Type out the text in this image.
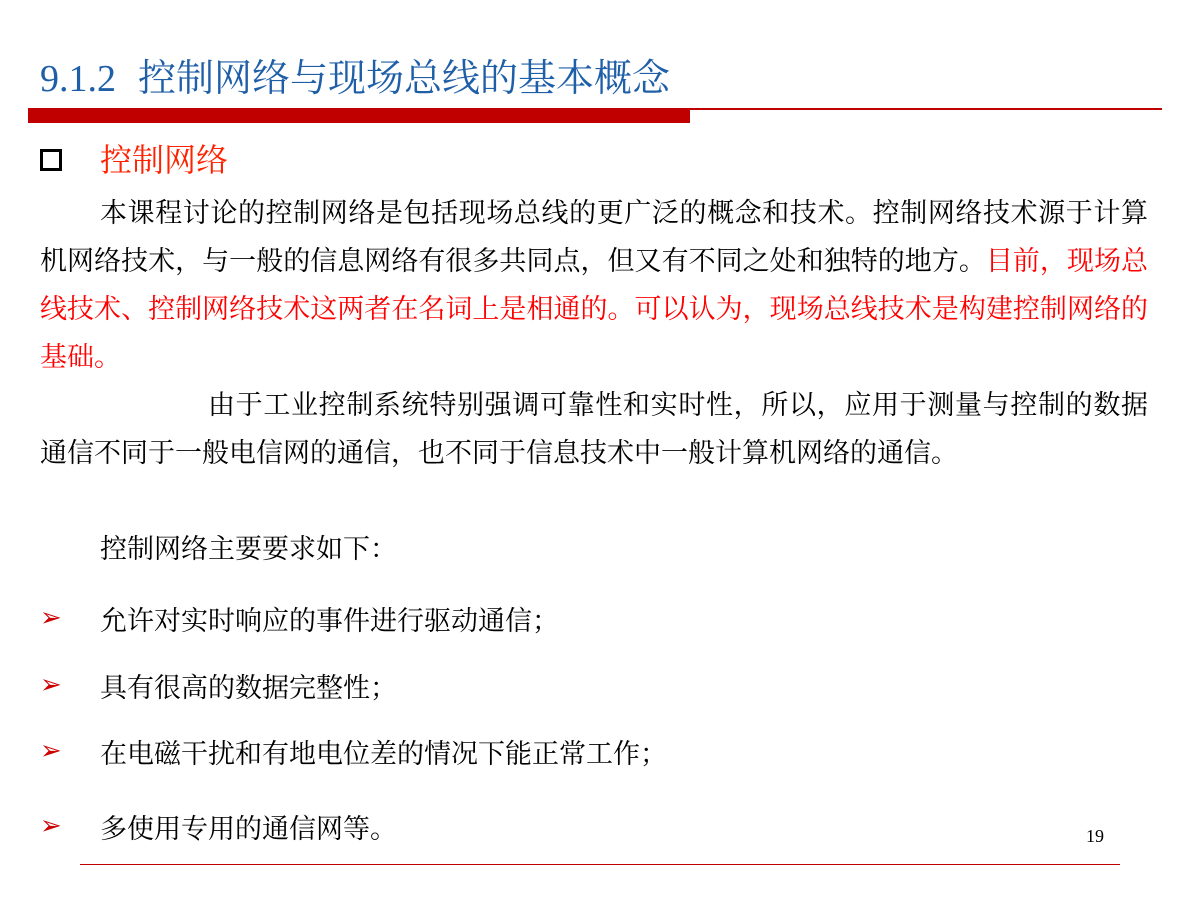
9.1.2 控制网络与现场总线的基本概念
控制网络
本课程讨论的控制网络是包括现场总线的更广泛的概念和技术。控制网络技术源于计算机网络技术，与一般的信息网络有很多共同点，但又有不同之处和独特的地方。目前，现场总线技术、控制网络技术这两者在名词上是相通的。可以认为，现场总线技术是构建控制网络的基础。
由于工业控制系统特别强调可靠性和实时性，所以，应用于测量与控制的数据通信不同于一般电信网的通信，也不同于信息技术中一般计算机网络的通信。
控制网络主要要求如下：
➢	允许对实时响应的事件进行驱动通信；
➢	具有很高的数据完整性；
➢	在电磁干扰和有地电位差的情况下能正常工作；
➢	多使用专用的通信网等。	19
